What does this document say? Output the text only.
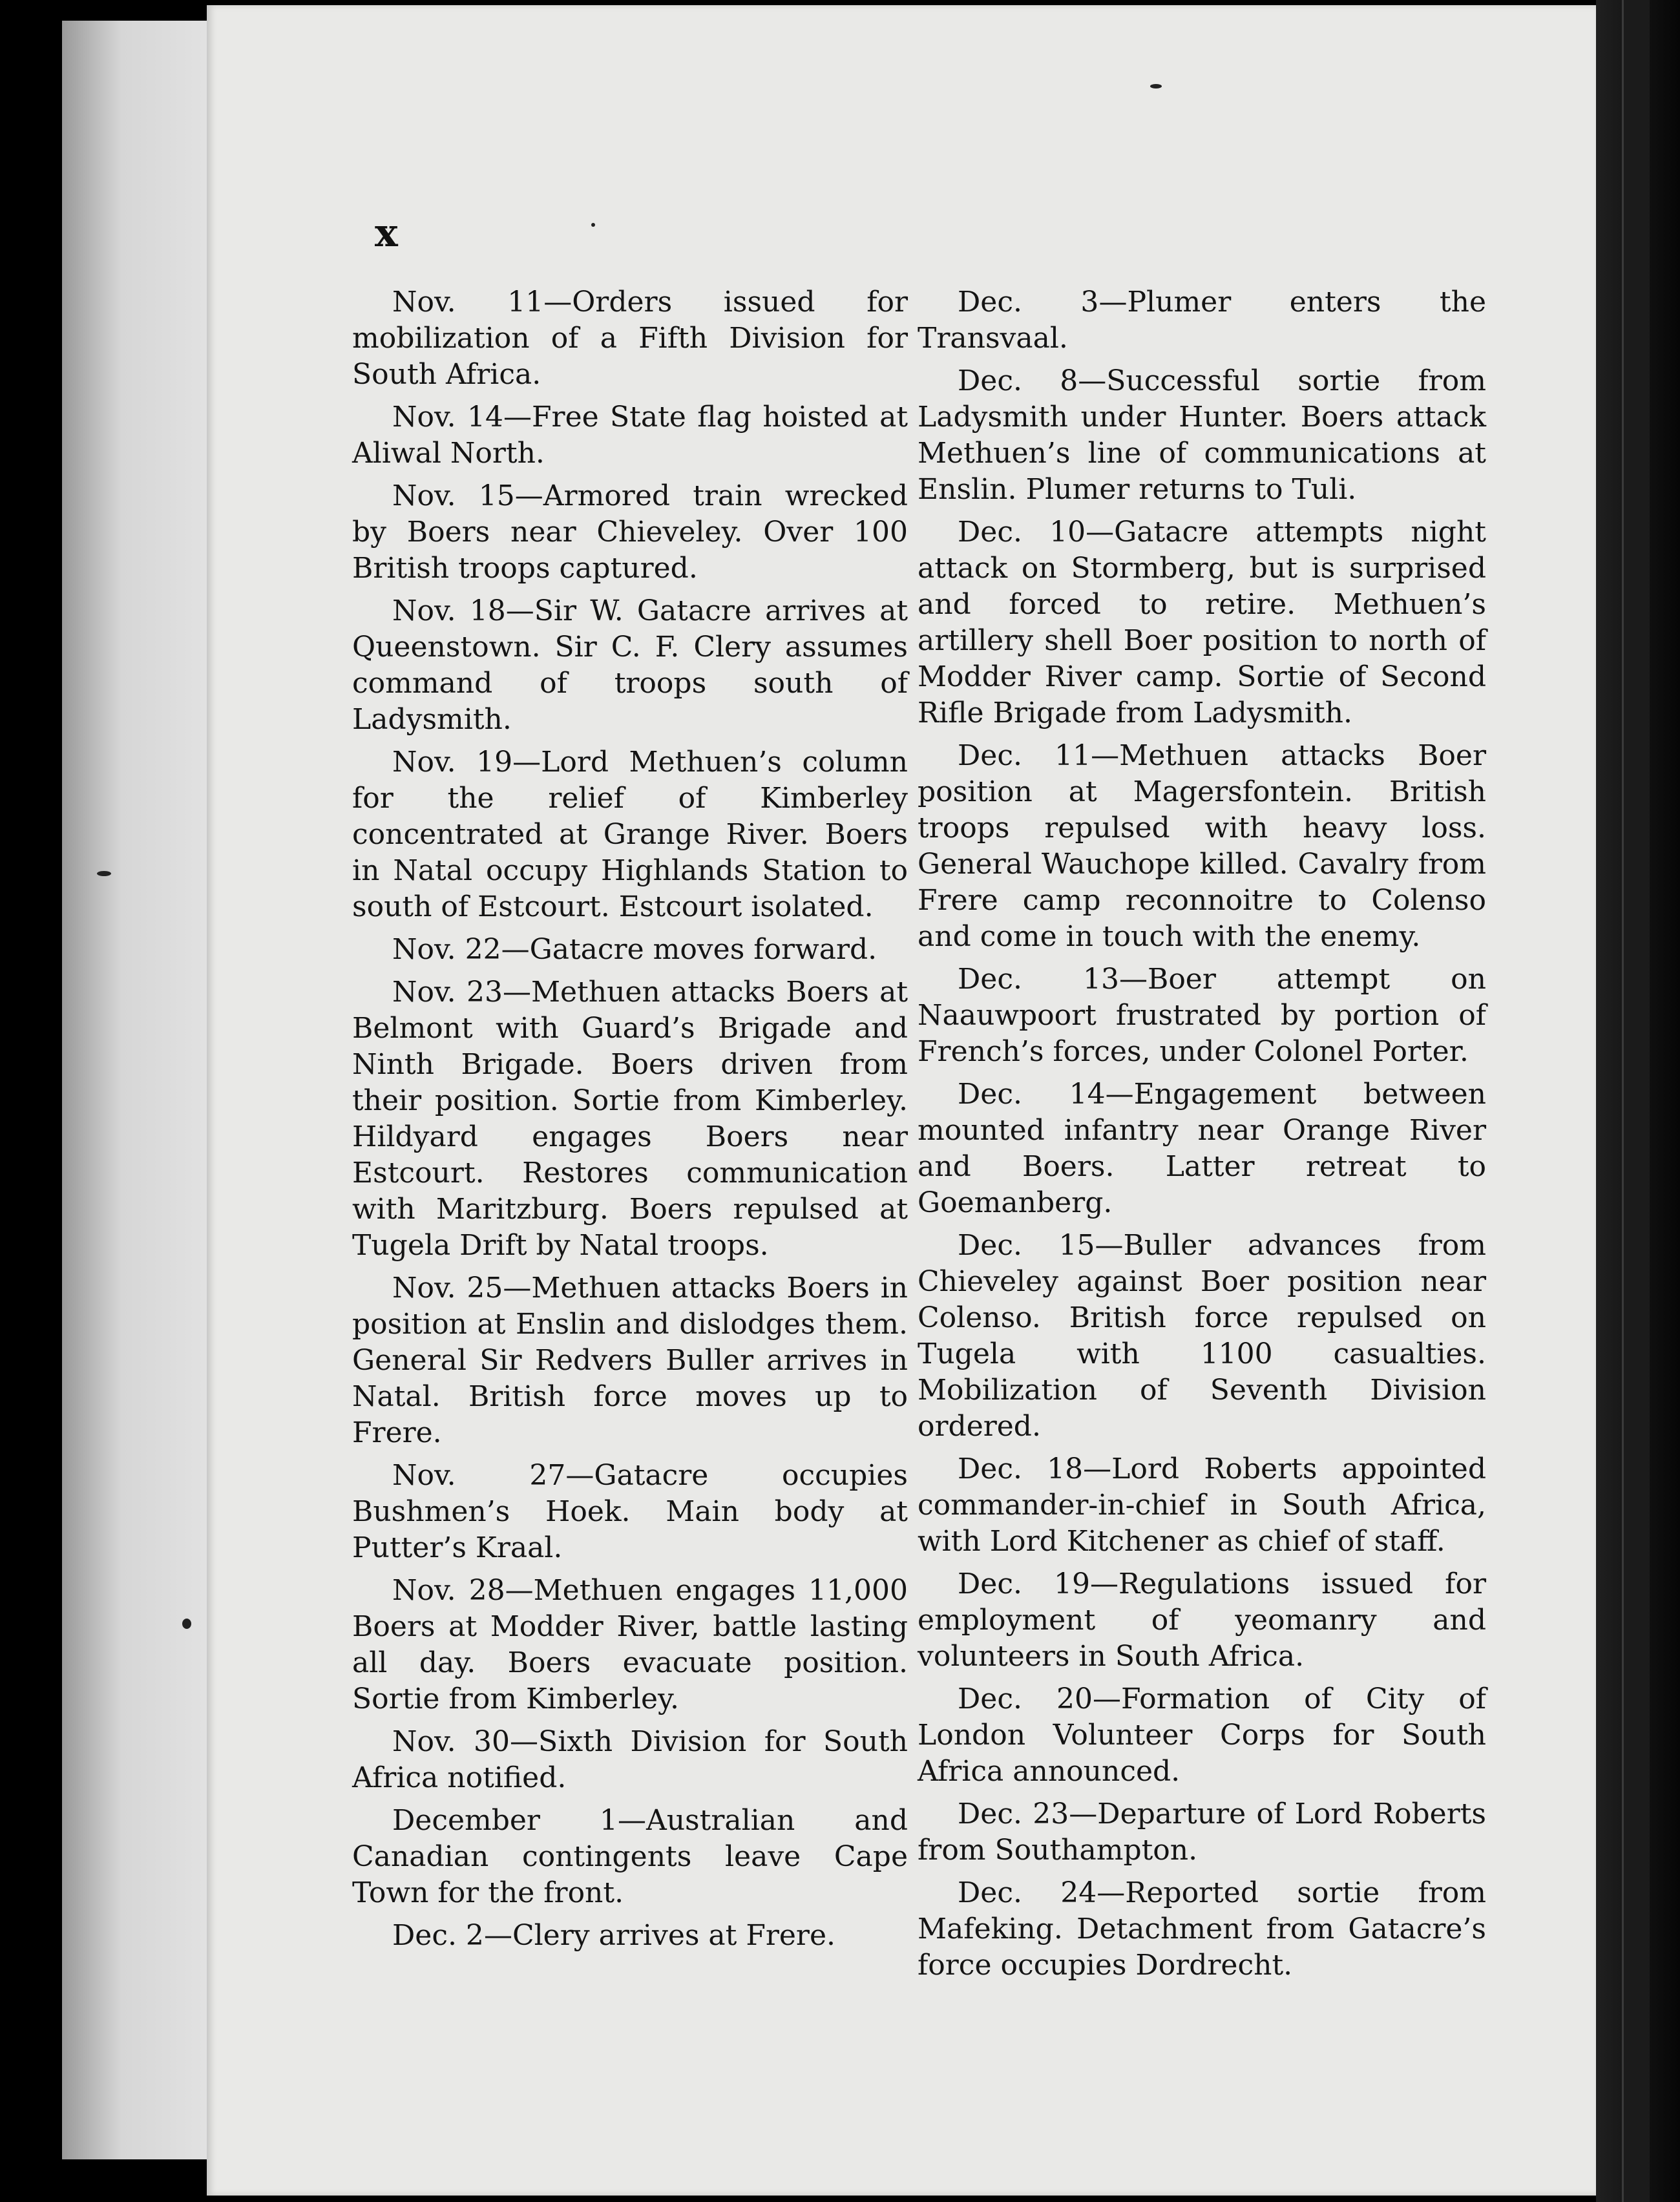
x

Nov. 11—Orders issued for mobilization of a Fifth Division for South Africa.

Nov. 14—Free State flag hoisted at Aliwal North.

Nov. 15—Armored train wrecked by Boers near Chieveley. Over 100 British troops captured.

Nov. 18—Sir W. Gatacre arrives at Queenstown. Sir C. F. Clery assumes command of troops south of Ladysmith.

Nov. 19—Lord Methuen’s column for the relief of Kimberley concentrated at Grange River. Boers in Natal occupy Highlands Station to south of Estcourt. Estcourt isolated.

Nov. 22—Gatacre moves forward.

Nov. 23—Methuen attacks Boers at Belmont with Guard’s Brigade and Ninth Brigade. Boers driven from their position. Sortie from Kimberley. Hildyard engages Boers near Estcourt. Restores communication with Maritzburg. Boers repulsed at Tugela Drift by Natal troops.

Nov. 25—Methuen attacks Boers in position at Enslin and dislodges them. General Sir Redvers Buller arrives in Natal. British force moves up to Frere.

Nov. 27—Gatacre occupies Bushmen’s Hoek. Main body at Putter’s Kraal.

Nov. 28—Methuen engages 11,000 Boers at Modder River, battle lasting all day. Boers evacuate position. Sortie from Kimberley.

Nov. 30—Sixth Division for South Africa notified.

December 1—Australian and Canadian contingents leave Cape Town for the front.

Dec. 2—Clery arrives at Frere.

Dec. 3—Plumer enters the Transvaal.

Dec. 8—Successful sortie from Ladysmith under Hunter. Boers attack Methuen’s line of communications at Enslin. Plumer returns to Tuli.

Dec. 10—Gatacre attempts night attack on Stormberg, but is surprised and forced to retire. Methuen’s artillery shell Boer position to north of Modder River camp. Sortie of Second Rifle Brigade from Ladysmith.

Dec. 11—Methuen attacks Boer position at Magersfontein. British troops repulsed with heavy loss. General Wauchope killed. Cavalry from Frere camp reconnoitre to Colenso and come in touch with the enemy.

Dec. 13—Boer attempt on Naauwpoort frustrated by portion of French’s forces, under Colonel Porter.

Dec. 14—Engagement between mounted infantry near Orange River and Boers. Latter retreat to Goemanberg.

Dec. 15—Buller advances from Chieveley against Boer position near Colenso. British force repulsed on Tugela with 1100 casualties. Mobilization of Seventh Division ordered.

Dec. 18—Lord Roberts appointed commander-in-chief in South Africa, with Lord Kitchener as chief of staff.

Dec. 19—Regulations issued for employment of yeomanry and volunteers in South Africa.

Dec. 20—Formation of City of London Volunteer Corps for South Africa announced.

Dec. 23—Departure of Lord Roberts from Southampton.

Dec. 24—Reported sortie from Mafeking. Detachment from Gatacre’s force occupies Dordrecht.
